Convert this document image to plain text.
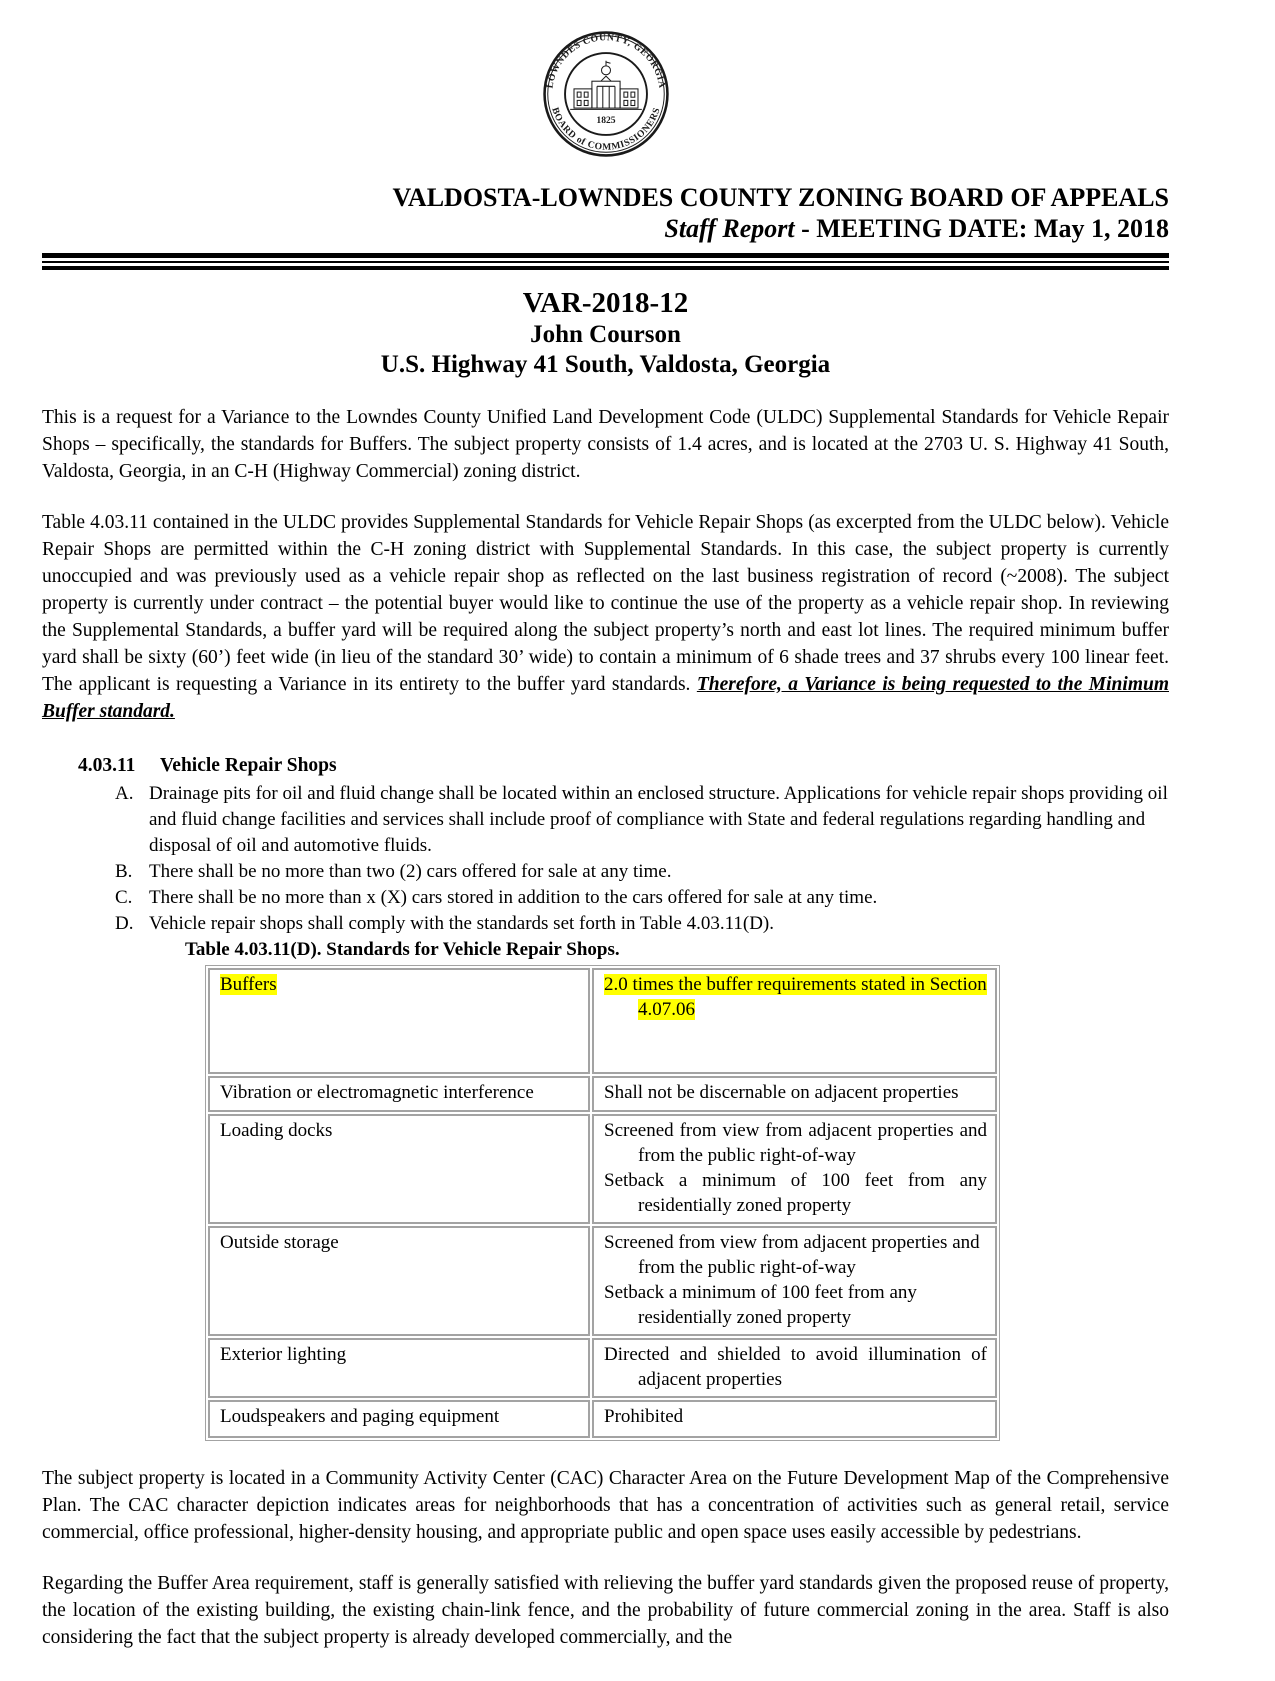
LOWNDES COUNTY, GEORGIA
BOARD of COMMISSIONERS
1825
VALDOSTA-LOWNDES COUNTY ZONING BOARD OF APPEALS
Staff Report - MEETING DATE: May 1, 2018
VAR-2018-12
John Courson
U.S. Highway 41 South, Valdosta, Georgia

This is a request for a Variance to the Lowndes County Unified Land Development Code (ULDC) Supplemental Standards for Vehicle Repair Shops – specifically, the standards for Buffers. The subject property consists of 1.4 acres, and is located at the 2703 U. S. Highway 41 South, Valdosta, Georgia, in an C-H (Highway Commercial) zoning district.

Table 4.03.11 contained in the ULDC provides Supplemental Standards for Vehicle Repair Shops (as excerpted from the ULDC below). Vehicle Repair Shops are permitted within the C-H zoning district with Supplemental Standards. In this case, the subject property is currently unoccupied and was previously used as a vehicle repair shop as reflected on the last business registration of record (~2008). The subject property is currently under contract – the potential buyer would like to continue the use of the property as a vehicle repair shop. In reviewing the Supplemental Standards, a buffer yard will be required along the subject property’s north and east lot lines. The required minimum buffer yard shall be sixty (60’) feet wide (in lieu of the standard 30’ wide) to contain a minimum of 6 shade trees and 37 shrubs every 100 linear feet. The applicant is requesting a Variance in its entirety to the buffer yard standards. Therefore, a Variance is being requested to the Minimum Buffer standard.

4.03.11 Vehicle Repair Shops
A. Drainage pits for oil and fluid change shall be located within an enclosed structure. Applications for vehicle repair shops providing oil and fluid change facilities and services shall include proof of compliance with State and federal regulations regarding handling and disposal of oil and automotive fluids.
B. There shall be no more than two (2) cars offered for sale at any time.
C. There shall be no more than x (X) cars stored in addition to the cars offered for sale at any time.
D. Vehicle repair shops shall comply with the standards set forth in Table 4.03.11(D).
Table 4.03.11(D). Standards for Vehicle Repair Shops.
Buffers	2.0 times the buffer requirements stated in Section 4.07.06

Vibration or electromagnetic interference	Shall not be discernable on adjacent properties

Loading docks	Screened from view from adjacent properties and from the public right-of-way
Setback a minimum of 100 feet from any residentially zoned property

Outside storage	Screened from view from adjacent properties and from the public right-of-way
Setback a minimum of 100 feet from any residentially zoned property

Exterior lighting	Directed and shielded to avoid illumination of adjacent properties

Loudspeakers and paging equipment	Prohibited

The subject property is located in a Community Activity Center (CAC) Character Area on the Future Development Map of the Comprehensive Plan. The CAC character depiction indicates areas for neighborhoods that has a concentration of activities such as general retail, service commercial, office professional, higher-density housing, and appropriate public and open space uses easily accessible by pedestrians.

Regarding the Buffer Area requirement, staff is generally satisfied with relieving the buffer yard standards given the proposed reuse of property, the location of the existing building, the existing chain-link fence, and the probability of future commercial zoning in the area. Staff is also considering the fact that the subject property is already developed commercially, and the
